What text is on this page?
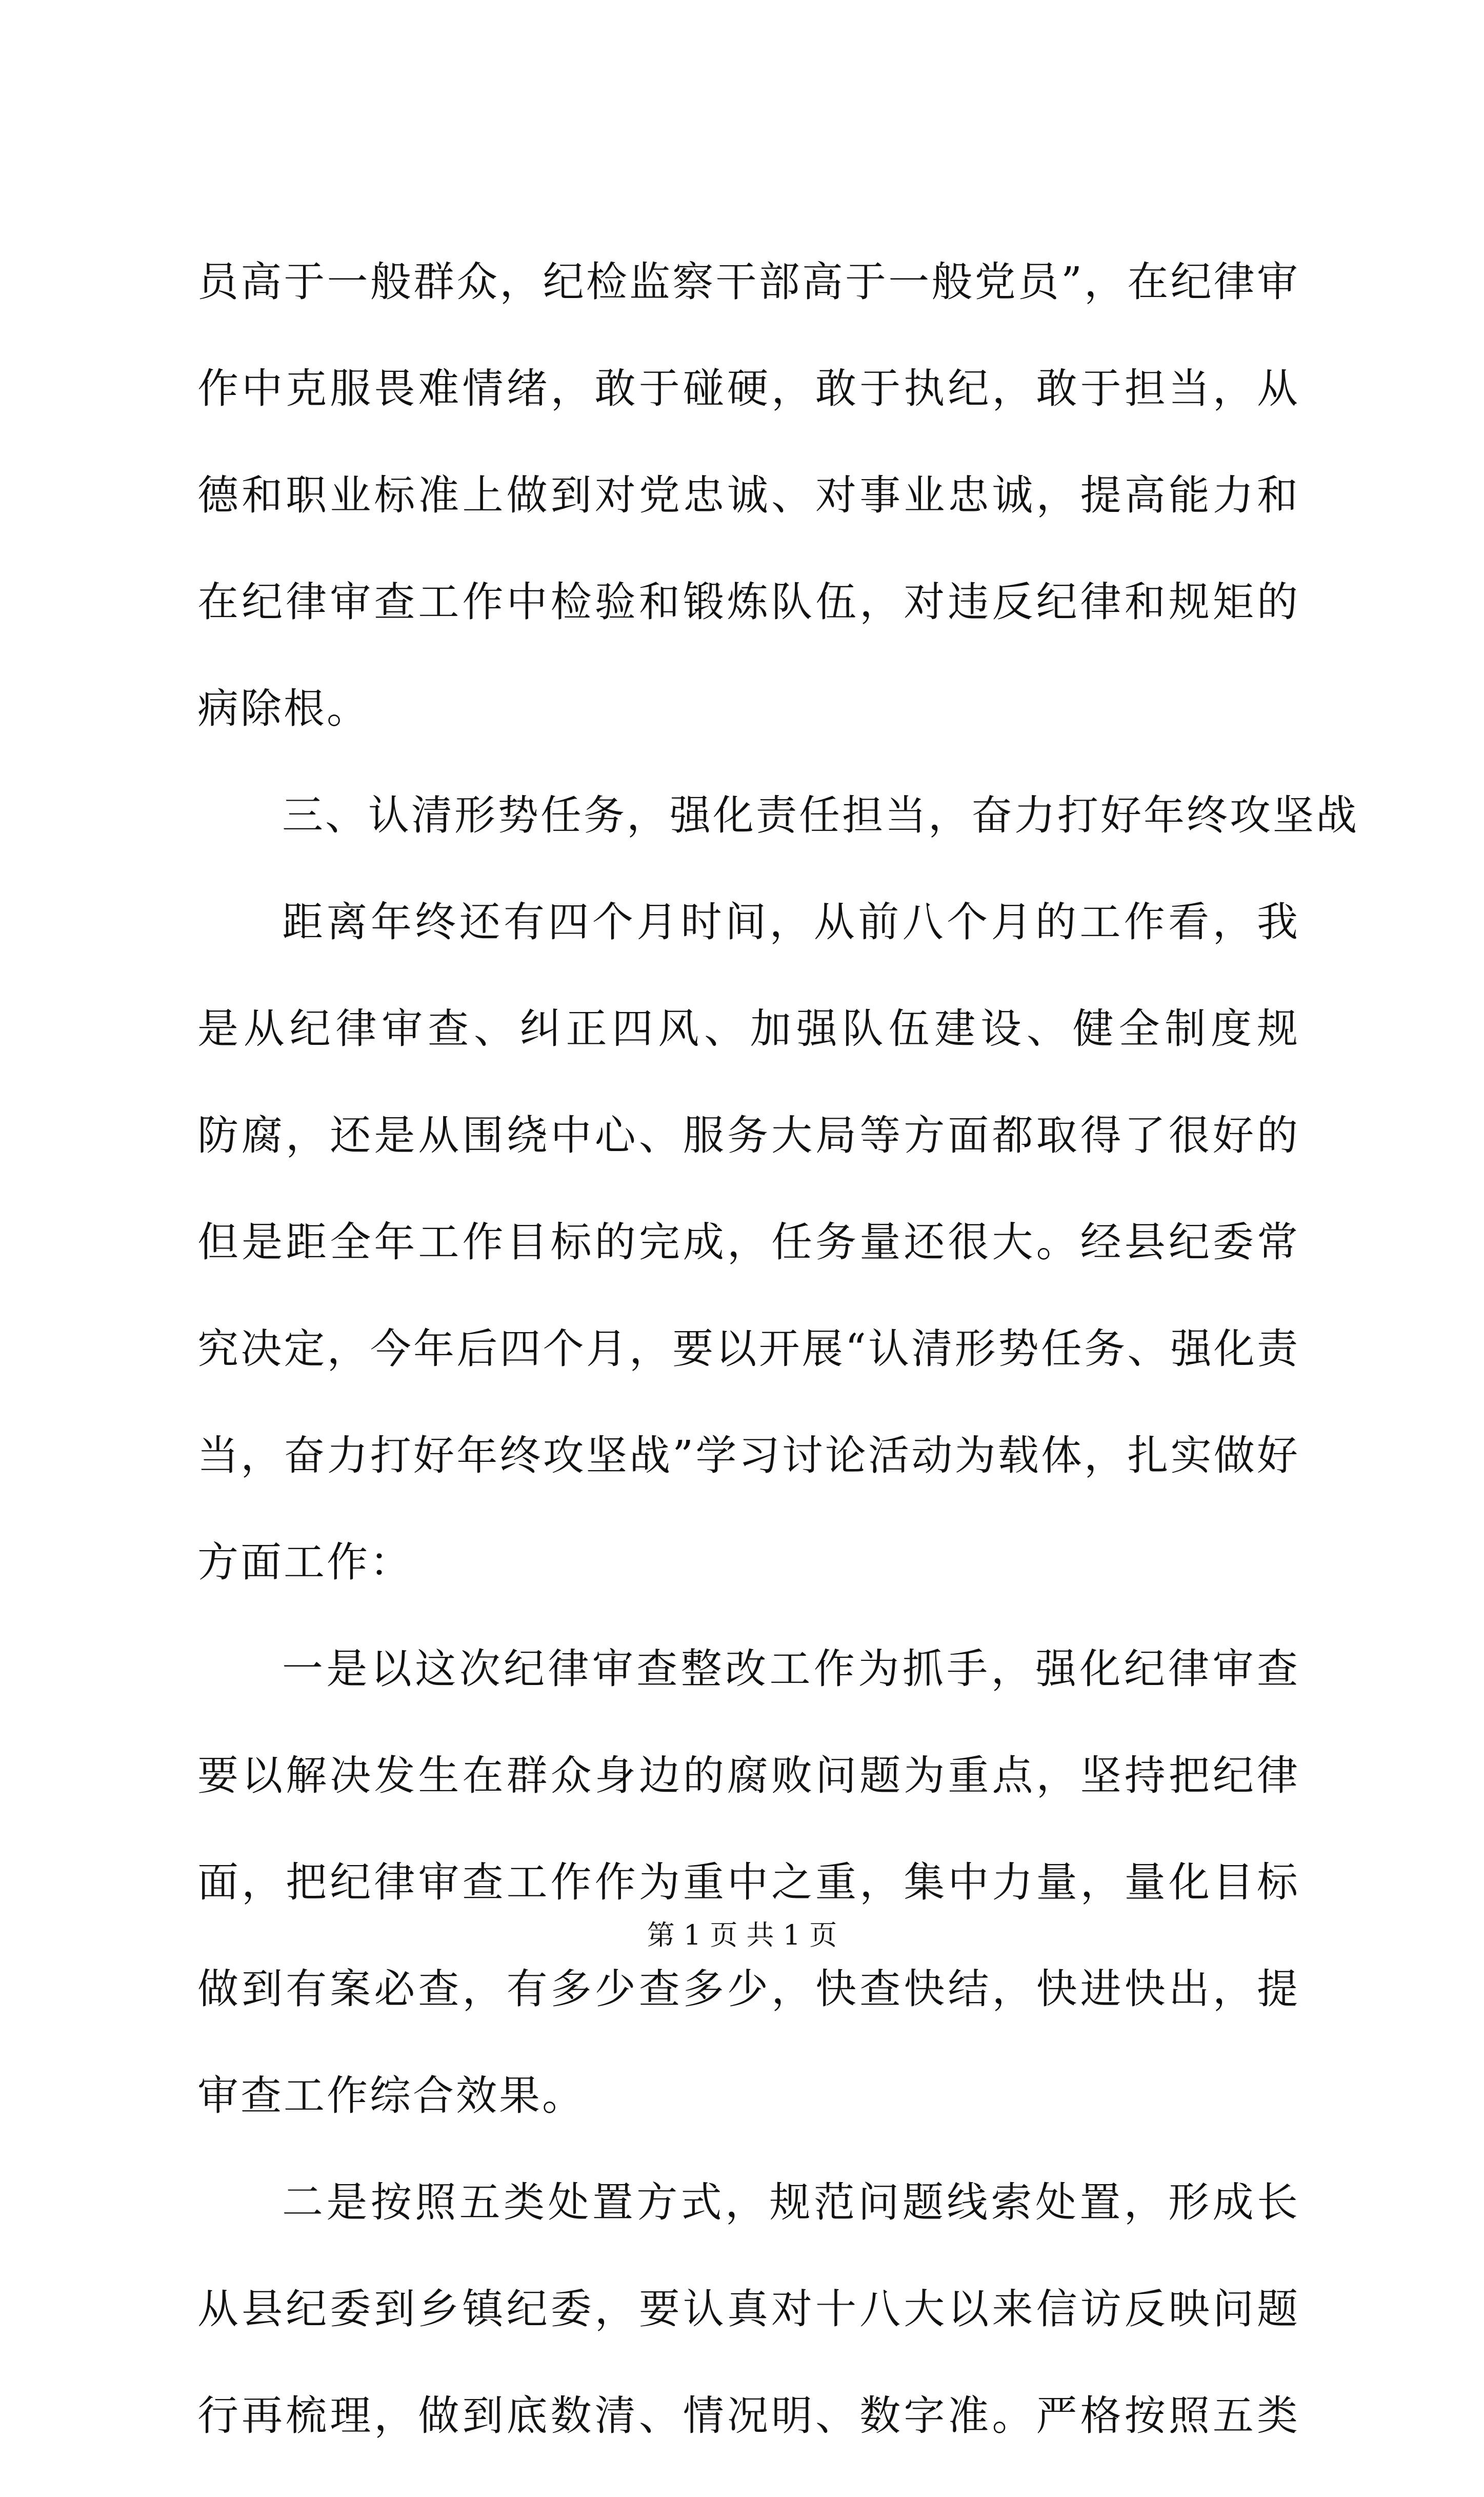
员高于一般群众，纪检监察干部高于一般党员”，在纪律审
作中克服畏难情绪，敢于碰硬，敢于执纪，敢于担当，从
德和职业标准上做到对党忠诚、对事业忠诚，提高能力和
在纪律审查工作中检验和锻炼队伍，对违反纪律和规矩的
病除根。
三、认清形势任务，强化责任担当，奋力打好年终攻坚战
距离年终还有四个月时间，从前八个月的工作看，我
是从纪律审查、纠正四风、加强队伍建设、健全制度规
防腐，还是从围绕中心、服务大局等方面都取得了很好的
但是距全年工作目标的完成，任务量还很大。经县纪委常
究决定，今年后四个月，要以开展“认清形势任务、强化责
当，奋力打好年终攻坚战”学习讨论活动为载体，扎实做好
方面工作：
一是以这次纪律审查整改工作为抓手，强化纪律审查
要以解决发生在群众身边的腐败问题为重点，坚持把纪律
面，把纪律审查工作作为重中之重，集中力量，量化目标
做到有案必查，有多少查多少，快查快结，快进快出，提
审查工作综合效果。
二是按照五类处置方式，规范问题线索处置，形成长
从县纪委到乡镇纪委，要认真对十八大以来信访反映问题
行再梳理，做到底数清、情况明、数字准。严格按照五类
第 1 页 共 1 页
